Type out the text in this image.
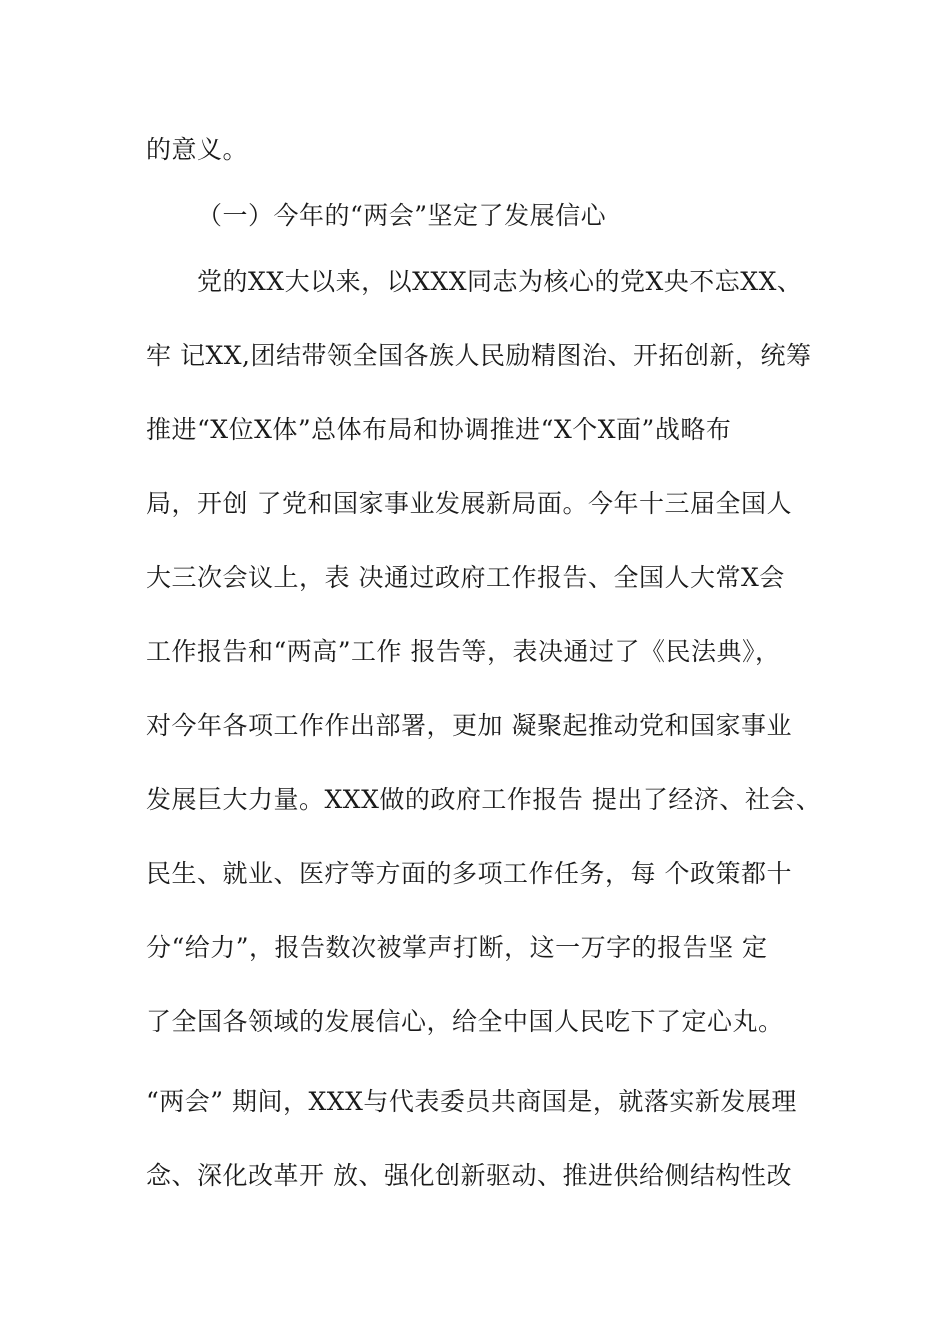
的意义。
（一）今年的“两会”坚定了发展信心
党的XX大以来，以XXX同志为核心的党X央不忘XX、
牢 记XX,团结带领全国各族人民励精图治、开拓创新，统筹
推进“X位X体”总体布局和协调推进“X个X面”战略布
局，开创 了党和国家事业发展新局面。今年十三届全国人
大三次会议上，表 决通过政府工作报告、全国人大常X会
工作报告和“两高”工作 报告等，表决通过了《民法典》，
对今年各项工作作出部署，更加 凝聚起推动党和国家事业
发展巨大力量。XXX做的政府工作报告 提出了经济、社会、
民生、就业、医疗等方面的多项工作任务，每 个政策都十
分“给力”，报告数次被掌声打断，这一万字的报告坚 定
了全国各领域的发展信心，给全中国人民吃下了定心丸。
“两会” 期间，XXX与代表委员共商国是，就落实新发展理
念、深化改革开 放、强化创新驱动、推进供给侧结构性改
